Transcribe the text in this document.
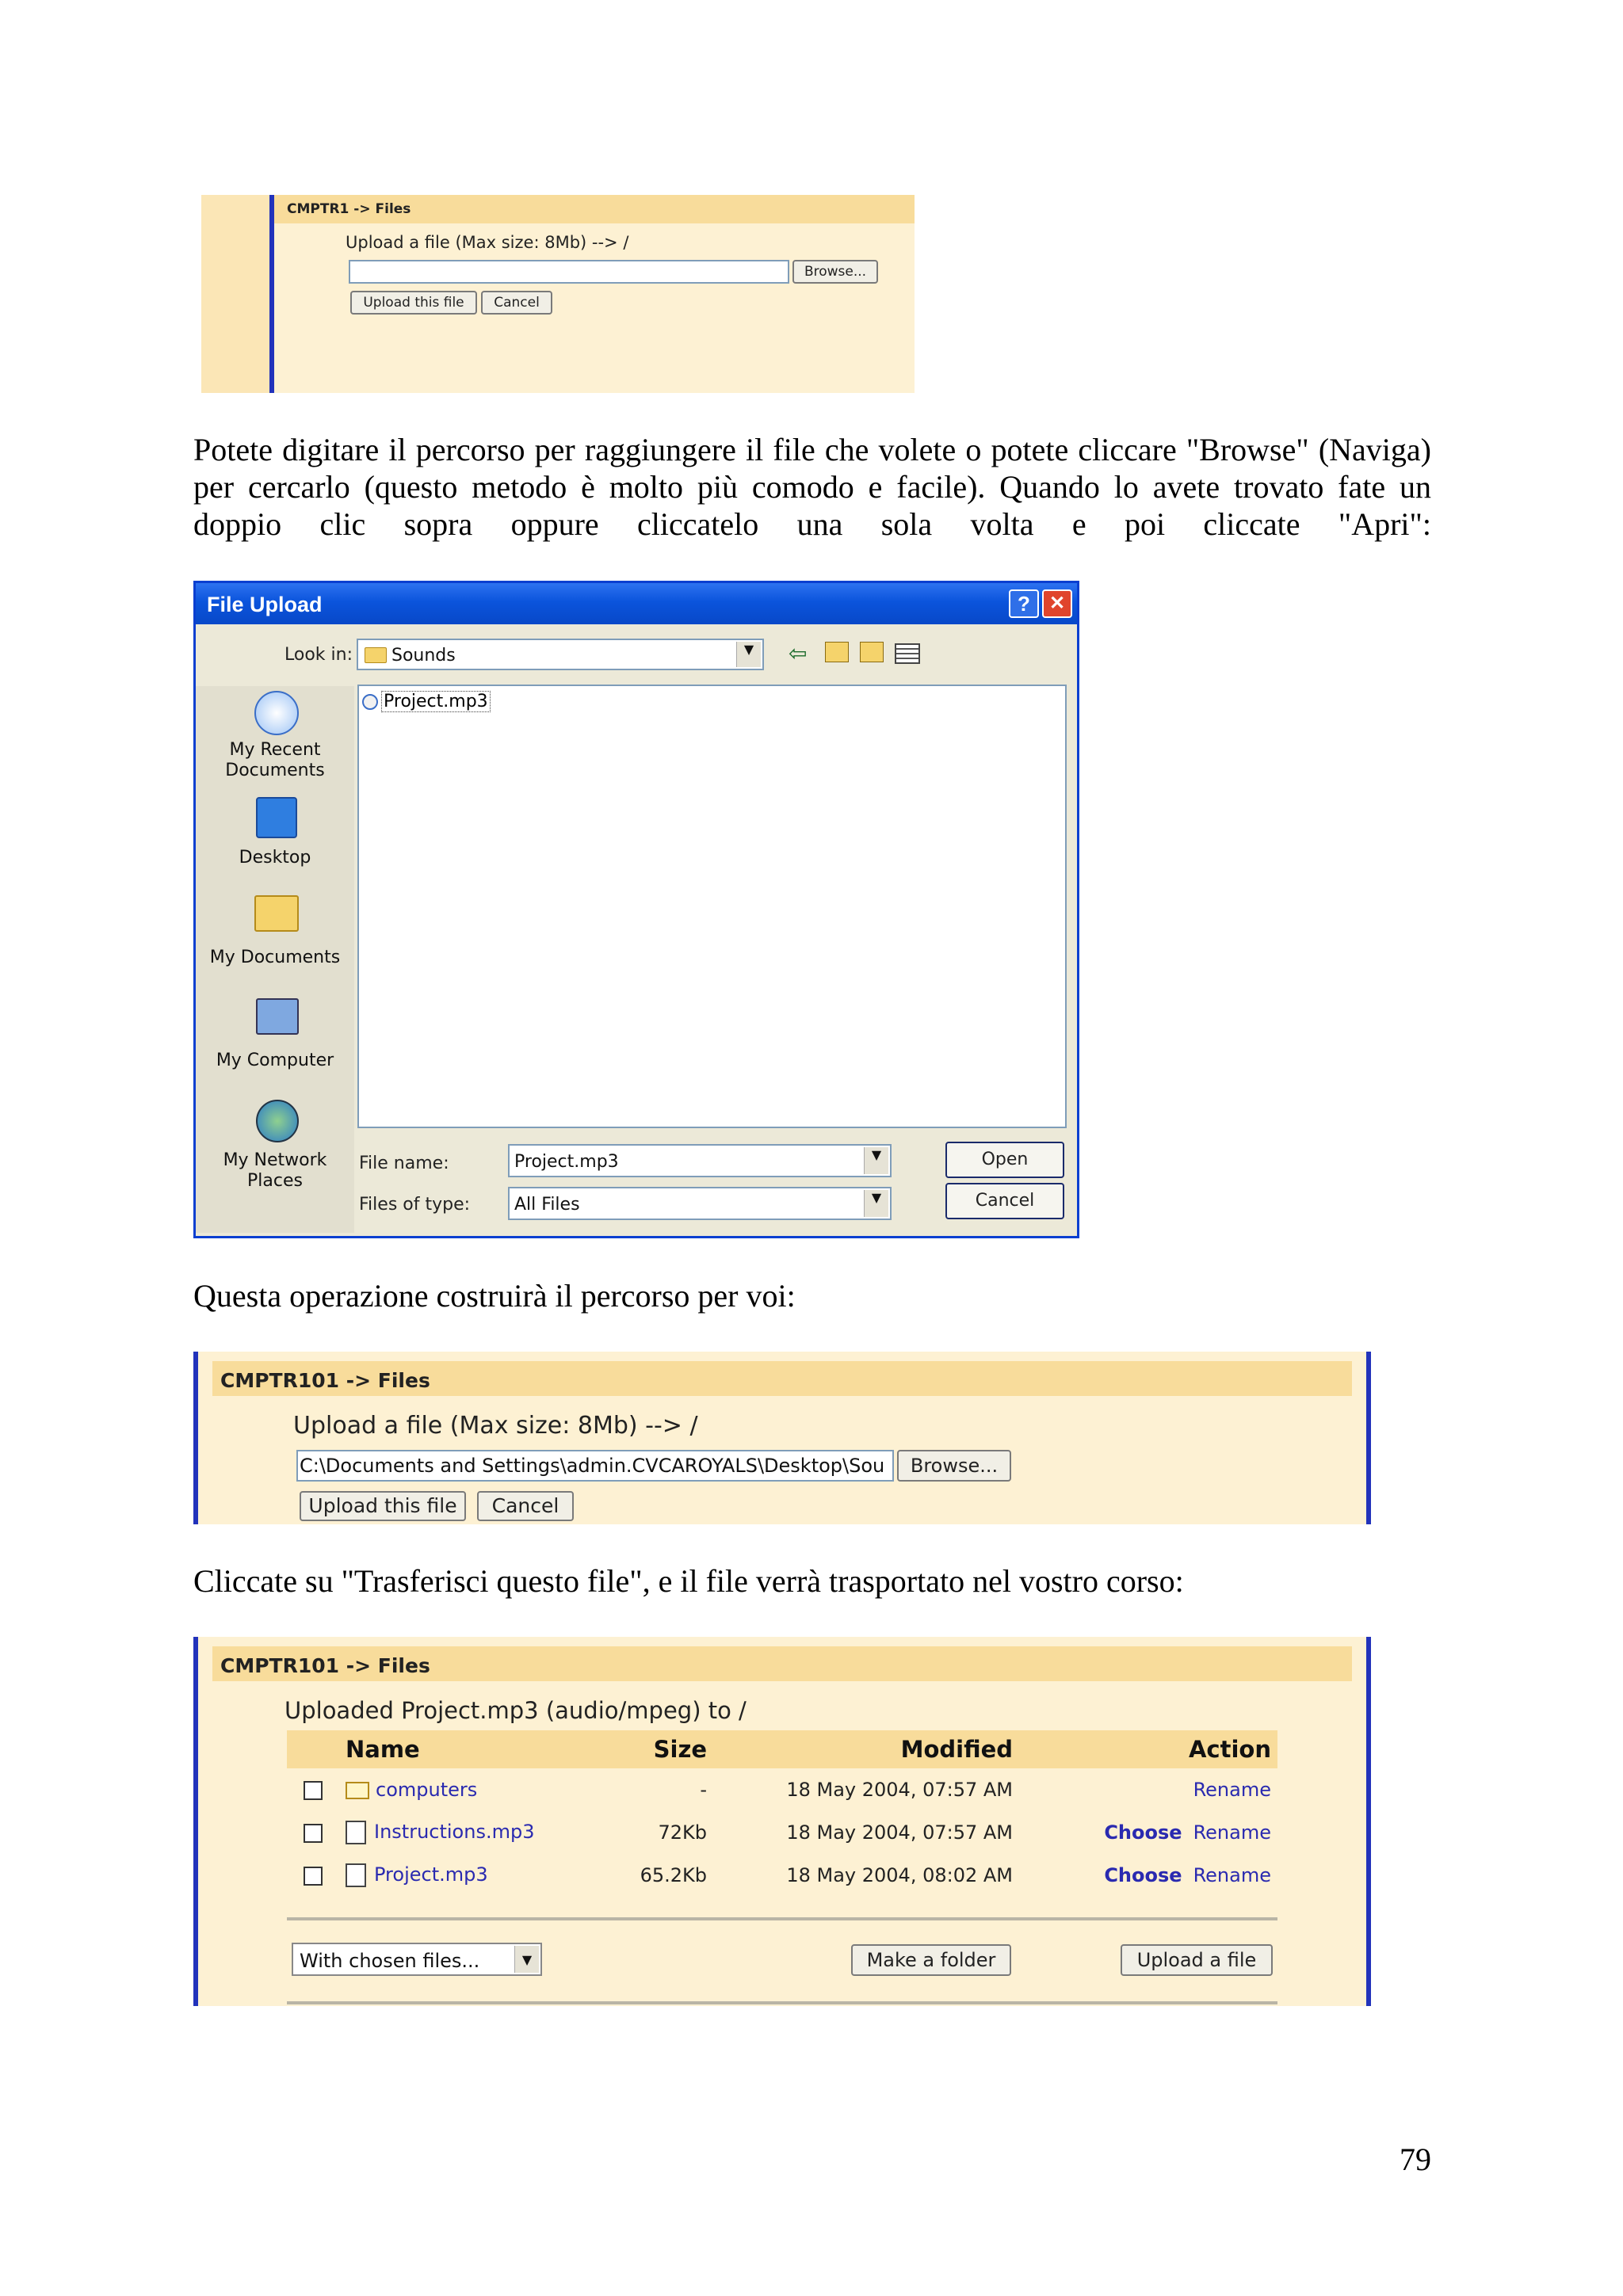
CMPTR1 -> Files
Upload a file (Max size: 8Mb) --> /
Browse...
Upload this file	Cancel
Potete digitare il percorso per raggiungere il file che volete o potete cliccare "Browse" (Naviga) per cercarlo (questo metodo è molto più comodo e facile). Quando lo avete trovato fate un doppio clic sopra oppure cliccatelo una sola volta e poi cliccate "Apri":
File Upload	?	✕
Look in: Sounds	▼	⇦
My Recent Documents
Desktop
My Documents
My Computer
My Network Places
Project.mp3
File name:	Project.mp3	▼
Files of type:	All Files	▼
Open
Cancel
Questa operazione costruirà il percorso per voi:
CMPTR101 -> Files
Upload a file (Max size: 8Mb) --> /
C:\Documents and Settings\admin.CVCAROYALS\Desktop\Sou	Browse...
Upload this file	Cancel
Cliccate su "Trasferisci questo file", e il file verrà trasportato nel vostro corso:
CMPTR101 -> Files
Uploaded Project.mp3 (audio/mpeg) to /
	Name	Size	Modified	Action
	computers	-	18 May 2004, 07:57 AM	Rename
	Instructions.mp3	72Kb	18 May 2004, 07:57 AM	Choose Rename
	Project.mp3	65.2Kb	18 May 2004, 08:02 AM	Choose Rename
With chosen files...	▼	Make a folder	Upload a file
79
